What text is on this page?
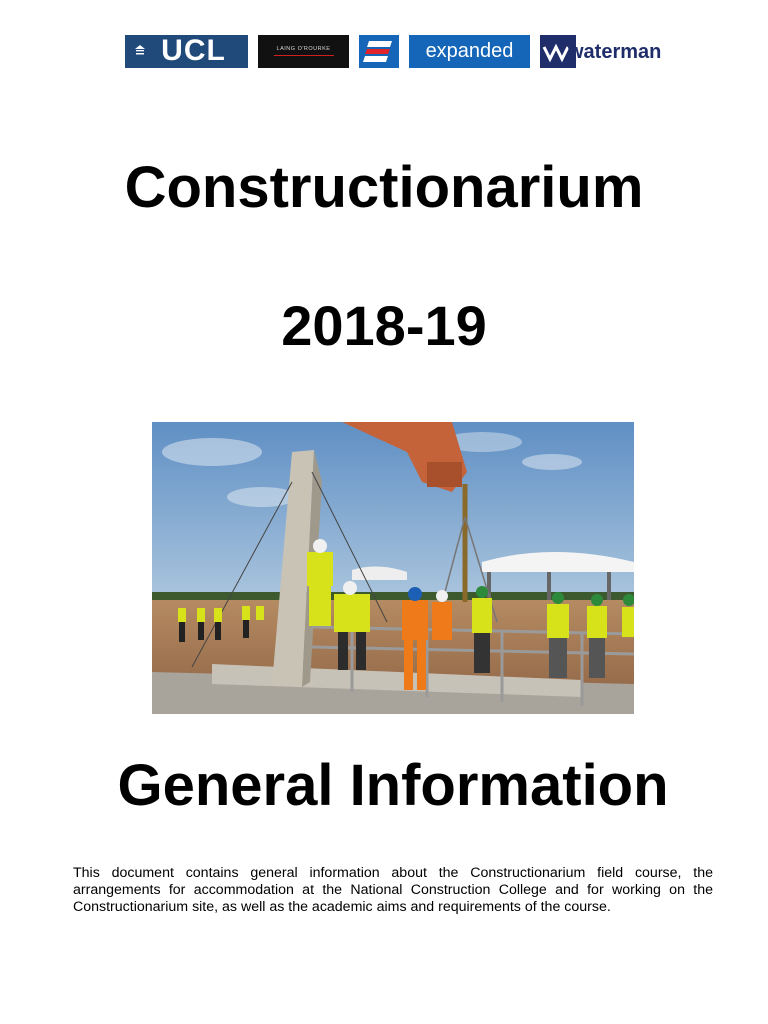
UCL	LAING O'ROURKE	expanded	waterman
Constructionarium
2018-19
General Information

This document contains general information about the Constructionarium field course, the arrangements for accommodation at the National Construction College and for working on the Constructionarium site, as well as the academic aims and requirements of the course.
